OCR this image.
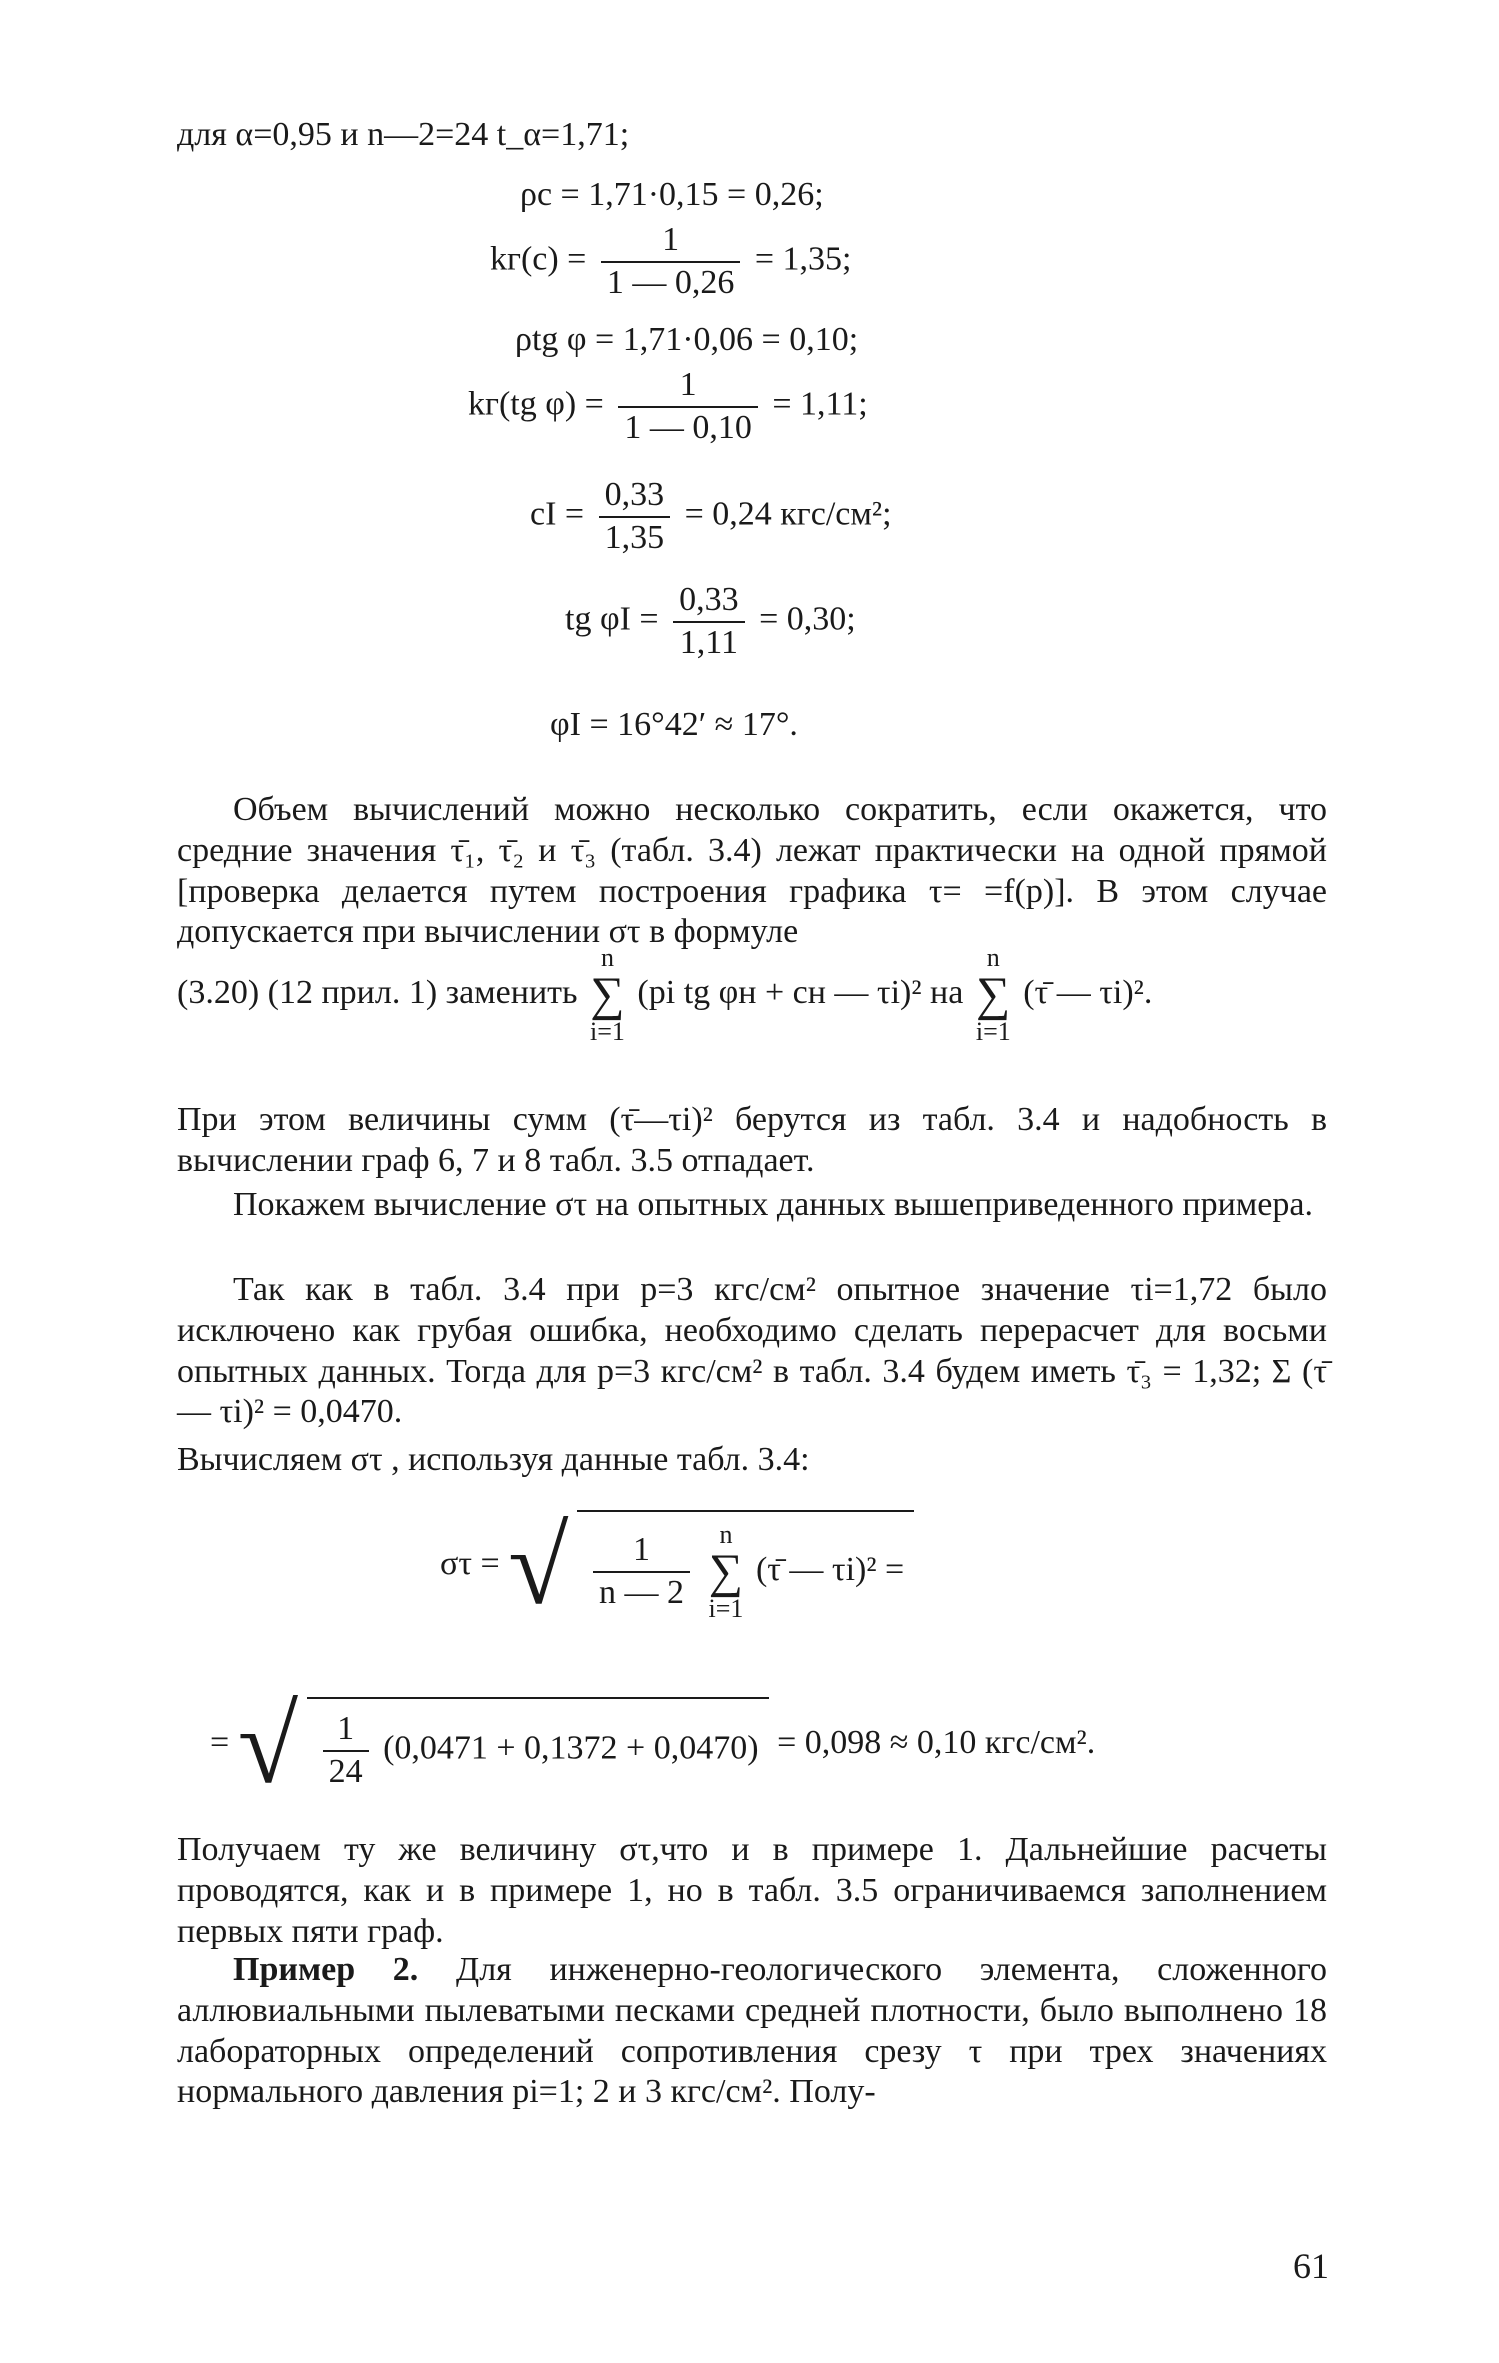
для α=0,95 и n—2=24 t_α=1,71;
ρc = 1,71·0,15 = 0,26;
$kг(c) = \frac{1}{1 — 0,26} = 1,35$;
ρtg φ = 1,71·0,06 = 0,10;
kг(tg $\varphi) = \frac{1}{1 — 0,10} = 1,11$;
cI = $\frac{0,33}{1,35} = 0,24$ кгс/см²;
tg $\varphi I = \frac{0,33}{1,11} = 0,30$;
φI = 16°42′ ≈ 17°.
Объем вычислений можно несколько сократить, если окажется, что средние значения τ̄₁, τ̄₂ и τ̄₃ (табл. 3.4) лежат практически на одной прямой [проверка делается путем построения графика τ= =f(p)]. В этом случае допускается при вычислении στ в формуле
(3.20) (12 прил. 1) заменить n
∑
i=1 (pi tg φн + cн — τi)² на n
∑
i=1 (τ̄ — τi)².
При этом величины сумм (τ̄—τi)² берутся из табл. 3.4 и надобность в вычислении граф 6, 7 и 8 табл. 3.5 отпадает.
Покажем вычисление στ на опытных данных вышеприведенного примера.
Так как в табл. 3.4 при p=3 кгс/см² опытное значение τi=1,72 было исключено как грубая ошибка, необходимо сделать перерасчет для восьми опытных данных. Тогда для p=3 кгс/см² в табл. 3.4 будем иметь τ̄₃ = 1,32; Σ (τ̄ — τi)² = 0,0470.
Вычисляем στ , используя данные табл. 3.4:
στ = √ $\frac{1}{n — 2}$ n
∑
i=1 (τ̄ — τi)² =
= √ $\frac{1}{24} (0,0471 + 0,1372 + 0,0470) = 0,098 \approx 0,10$ кгс/см².
Получаем ту же величину στ,что и в примере 1. Дальнейшие расчеты проводятся, как и в примере 1, но в табл. 3.5 ограничиваемся заполнением первых пяти граф.
Пример 2. Для инженерно-геологического элемента, сложенного аллювиальными пылеватыми песками средней плотности, было выполнено 18 лабораторных определений сопротивления срезу τ при трех значениях нормального давления pi=1; 2 и 3 кгс/см². Полу-
61
